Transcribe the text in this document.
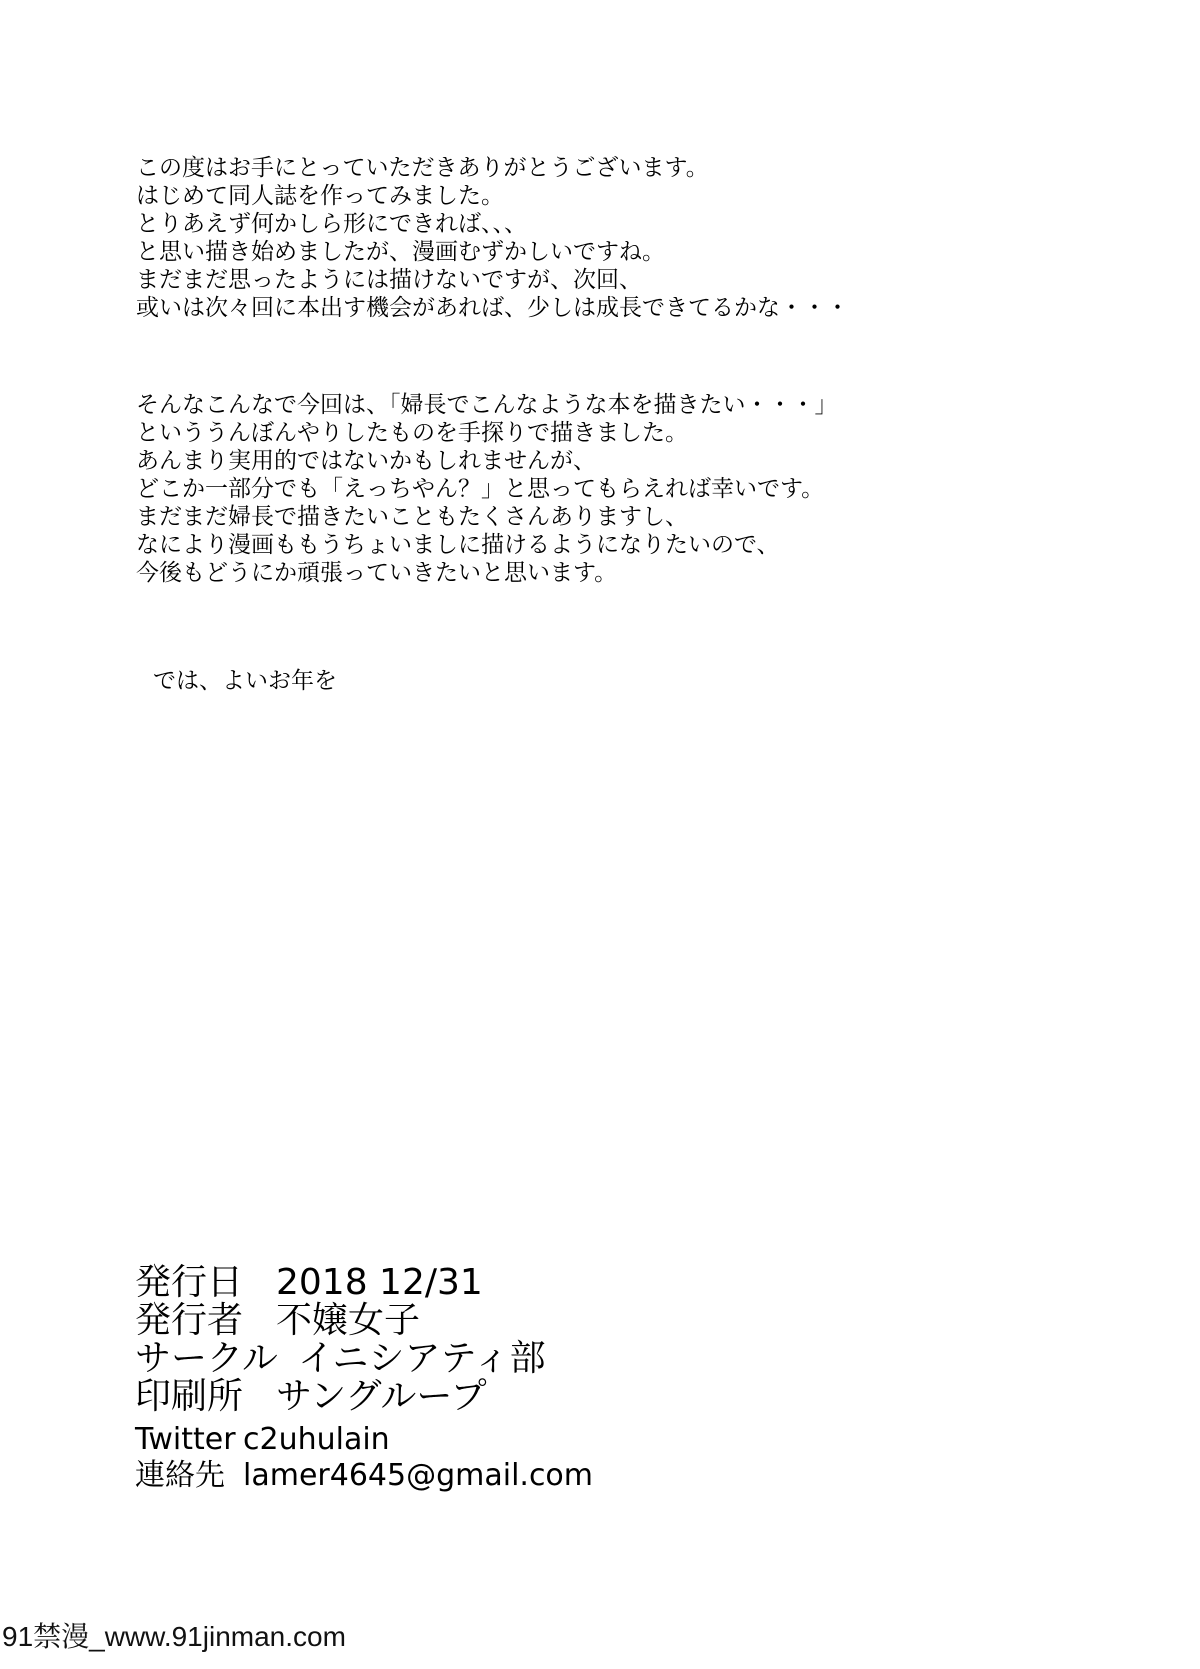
この度はお手にとっていただきありがとうございます。
はじめて同人誌を作ってみました。
とりあえず何かしら形にできれば、、、
と思い描き始めましたが、漫画むずかしいですね。
まだまだ思ったようには描けないですが、次回、
或いは次々回に本出す機会があれば、少しは成長できてるかな・・・
そんなこんなで今回は、「婦長でこんなような本を描きたい・・・」
といううんぼんやりしたものを手探りで描きました。
あんまり実用的ではないかもしれませんが、
どこか一部分でも「えっちやん？」と思ってもらえれば幸いです。
まだまだ婦長で描きたいこともたくさんありますし、
なにより漫画ももうちょいましに描けるようになりたいので、
今後もどうにか頑張っていきたいと思います。
では、よいお年を
発行日 2018 12/31
発行者 不嬢女子
サークル イニシアティ部
印刷所 サングループ
Twitter c2uhulain
連絡先 lamer4645@gmail.com
91禁漫_www.91jinman.com
